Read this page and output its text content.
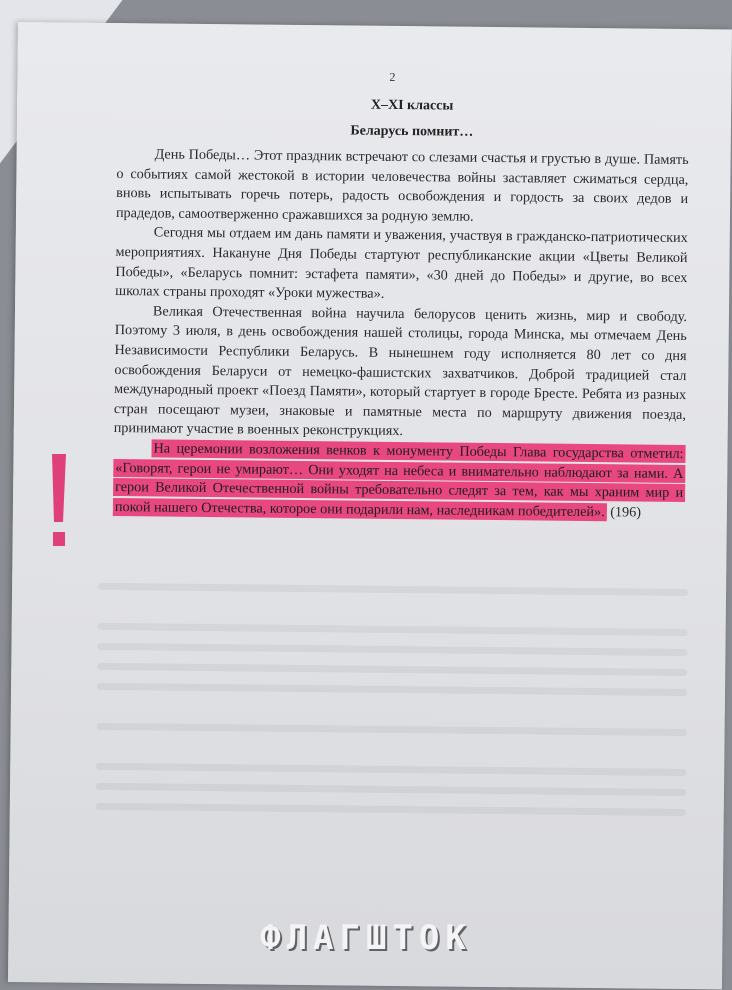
2
X–XI классы
Беларусь помнит…

День Победы… Этот праздник встречают со слезами счастья и грустью в душе. Память о событиях самой жестокой в истории человечества войны заставляет сжиматься сердца, вновь испытывать горечь потерь, радость освобождения и гордость за своих дедов и прадедов, самоотверженно сражавшихся за родную землю.

Сегодня мы отдаем им дань памяти и уважения, участвуя в гражданско-патриотических мероприятиях. Накануне Дня Победы стартуют республиканские акции «Цветы Великой Победы», «Беларусь помнит: эстафета памяти», «30 дней до Победы» и другие, во всех школах страны проходят «Уроки мужества».

Великая Отечественная война научила белорусов ценить жизнь, мир и свободу. Поэтому 3 июля, в день освобождения нашей столицы, города Минска, мы отмечаем День Независимости Республики Беларусь. В нынешнем году исполняется 80 лет со дня освобождения Беларуси от немецко-фашистских захватчиков. Доброй традицией стал международный проект «Поезд Памяти», который стартует в городе Бресте. Ребята из разных стран посещают музеи, знаковые и памятные места по маршруту движения поезда, принимают участие в военных реконструкциях.

На церемонии возложения венков к монументу Победы Глава государства отметил: «Говорят, герои не умирают… Они уходят на небеса и внимательно наблюдают за нами. А герои Великой Отечественной войны требовательно следят за тем, как мы храним мир и покой нашего Отечества, которое они подарили нам, наследникам победителей». (196)

ФЛАГШТОК
